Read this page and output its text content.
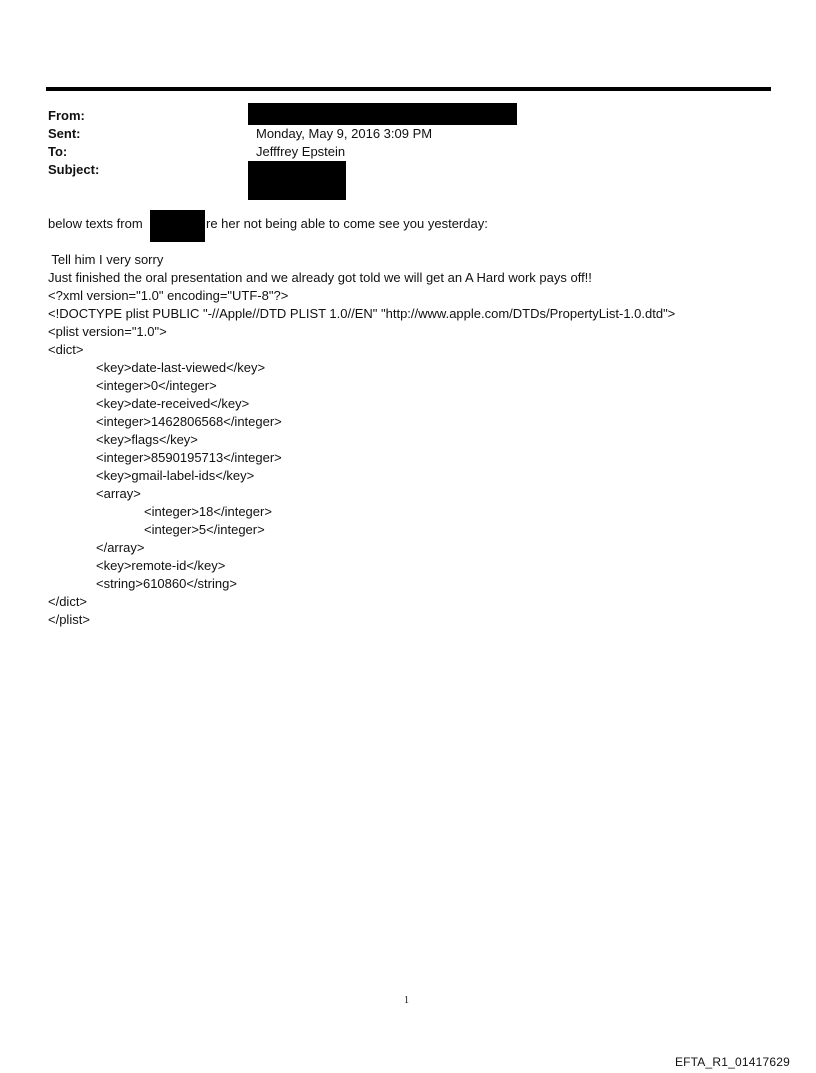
From:
Sent:	Monday, May 9, 2016 3:09 PM
To:	Jefffrey Epstein
Subject:
below texts from	re her not being able to come see you yesterday:
Tell him I very sorry
Just finished the oral presentation and we already got told we will get an A Hard work pays off!!
<?xml version="1.0" encoding="UTF-8"?>
<!DOCTYPE plist PUBLIC "-//Apple//DTD PLIST 1.0//EN" "http://www.apple.com/DTDs/PropertyList-1.0.dtd">
<plist version="1.0">
<dict>
<key>date-last-viewed</key>
<integer>0</integer>
<key>date-received</key>
<integer>1462806568</integer>
<key>flags</key>
<integer>8590195713</integer>
<key>gmail-label-ids</key>
<array>
<integer>18</integer>
<integer>5</integer>
</array>
<key>remote-id</key>
<string>610860</string>
</dict>
</plist>
1
EFTA_R1_01417629
